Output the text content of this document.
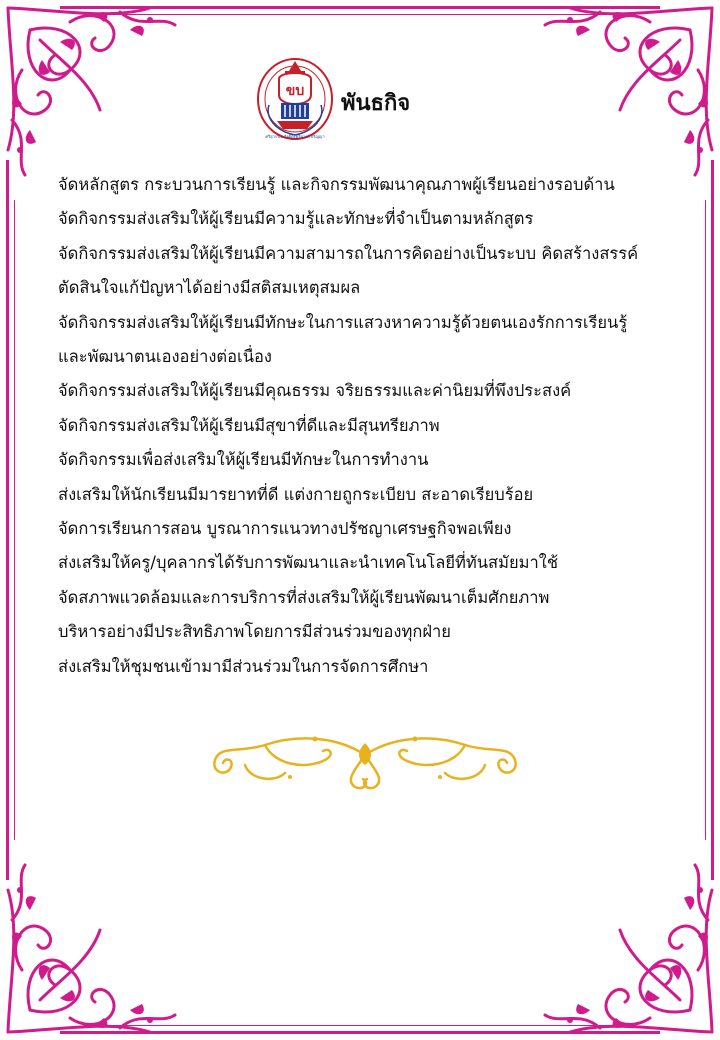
ขบ
ศรีสุวรรณ สังคีตะดุริยางค์ ปริญญา
พันธกิจ
จัดหลักสูตร กระบวนการเรียนรู้ และกิจกรรมพัฒนาคุณภาพผู้เรียนอย่างรอบด้าน
จัดกิจกรรมส่งเสริมให้ผู้เรียนมีความรู้และทักษะที่จำเป็นตามหลักสูตร
จัดกิจกรรมส่งเสริมให้ผู้เรียนมีความสามารถในการคิดอย่างเป็นระบบ คิดสร้างสรรค์
ตัดสินใจแก้ปัญหาได้อย่างมีสติสมเหตุสมผล
จัดกิจกรรมส่งเสริมให้ผู้เรียนมีทักษะในการแสวงหาความรู้ด้วยตนเองรักการเรียนรู้
และพัฒนาตนเองอย่างต่อเนื่อง
จัดกิจกรรมส่งเสริมให้ผู้เรียนมีคุณธรรม จริยธรรมและค่านิยมที่พึงประสงค์
จัดกิจกรรมส่งเสริมให้ผู้เรียนมีสุขาที่ดีและมีสุนทรียภาพ
จัดกิจกรรมเพื่อส่งเสริมให้ผู้เรียนมีทักษะในการทำงาน
ส่งเสริมให้นักเรียนมีมารยาทที่ดี แต่งกายถูกระเบียบ สะอาดเรียบร้อย
จัดการเรียนการสอน บูรณาการแนวทางปรัชญาเศรษฐกิจพอเพียง
ส่งเสริมให้ครู/บุคลากรได้รับการพัฒนาและนำเทคโนโลยีที่ทันสมัยมาใช้
จัดสภาพแวดล้อมและการบริการที่ส่งเสริมให้ผู้เรียนพัฒนาเต็มศักยภาพ
บริหารอย่างมีประสิทธิภาพโดยการมีส่วนร่วมของทุกฝ่าย
ส่งเสริมให้ชุมชนเข้ามามีส่วนร่วมในการจัดการศึกษา
